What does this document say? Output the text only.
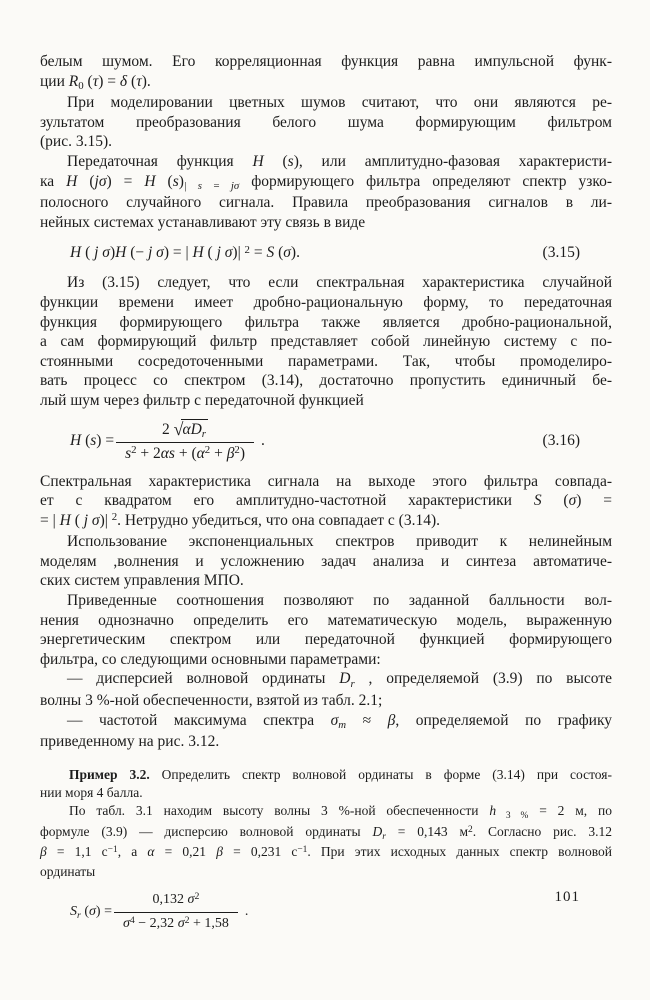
белым шумом. Его корреляционная функция равна импульсной функ-
ции $R_0$ (τ) = δ (τ).

При моделировании цветных шумов считают, что они являются ре-
зультатом преобразования белого шума формирующим фильтром
(рис. 3.15).

Передаточная функция H (s), или амплитудно-фазовая характеристи-
ка H (jσ) = H $(s)_{| s = j\sigma}$ формирующего фильтра определяют спектр узко-
полосного случайного сигнала. Правила преобразования сигналов в ли-
нейных системах устанавливают эту связь в виде

H ( j σ)H (− j σ) = | H ( j σ)| $^2$ = S (σ).	(3.15)

Из (3.15) следует, что если спектральная характеристика случайной
функции времени имеет дробно-рациональную форму, то передаточная
функция формирующего фильтра также является дробно-рациональной,
а сам формирующий фильтр представляет собой линейную систему с по-
стоянными сосредоточенными параметрами. Так, чтобы промоделиро-
вать процесс со спектром (3.14), достаточно пропустить единичный бе-
лый шум через фильтр с передаточной функцией

H $(s) = \frac{2 √\alpha D_r}{s^2 + 2\alpha s + (\alpha^2 + \beta^2)}$ .	(3.16)

Спектральная характеристика сигнала на выходе этого фильтра совпада-
ет с квадратом его амплитудно-частотной характеристики S (σ) =
= | H ( j σ)| $^2$. Нетрудно убедиться, что она совпадает с (3.14).

Использование экспоненциальных спектров приводит к нелинейным
моделям ,волнения и усложнению задач анализа и синтеза автоматиче-
ских систем управления МПО.

Приведенные соотношения позволяют по заданной балльности вол-
нения однозначно определить его математическую модель, выраженную
энергетическим спектром или передаточной функцией формирующего
фильтра, со следующими основными параметрами:

— дисперсией волновой ординаты $D_r$ , определяемой (3.9) по высоте
волны 3 %-ной обеспеченности, взятой из табл. 2.1;

— частотой максимума спектра $\sigma_m \approx \beta$, определяемой по графику
приведенному на рис. 3.12.

Пример 3.2. Определить спектр волновой ординаты в форме (3.14) при состоя-
нии моря 4 балла.

По табл. 3.1 находим высоту волны 3 %-ной обеспеченности h $_{3 \%}$ = 2 м, по
формуле (3.9) — дисперсию волновой ординаты $D_r = 0,143$ $м^2$. Согласно рис. 3.12
β = 1,1 $с^{-1}$, а α = 0,21 β = 0,231 $с^{-1}$. При этих исходных данных спектр волновой
ординаты

$S_r$ $(\sigma) = \frac{0,132 \sigma^2}{\sigma^4 - 2,32 \sigma^2 + 1,58}$ .
101
